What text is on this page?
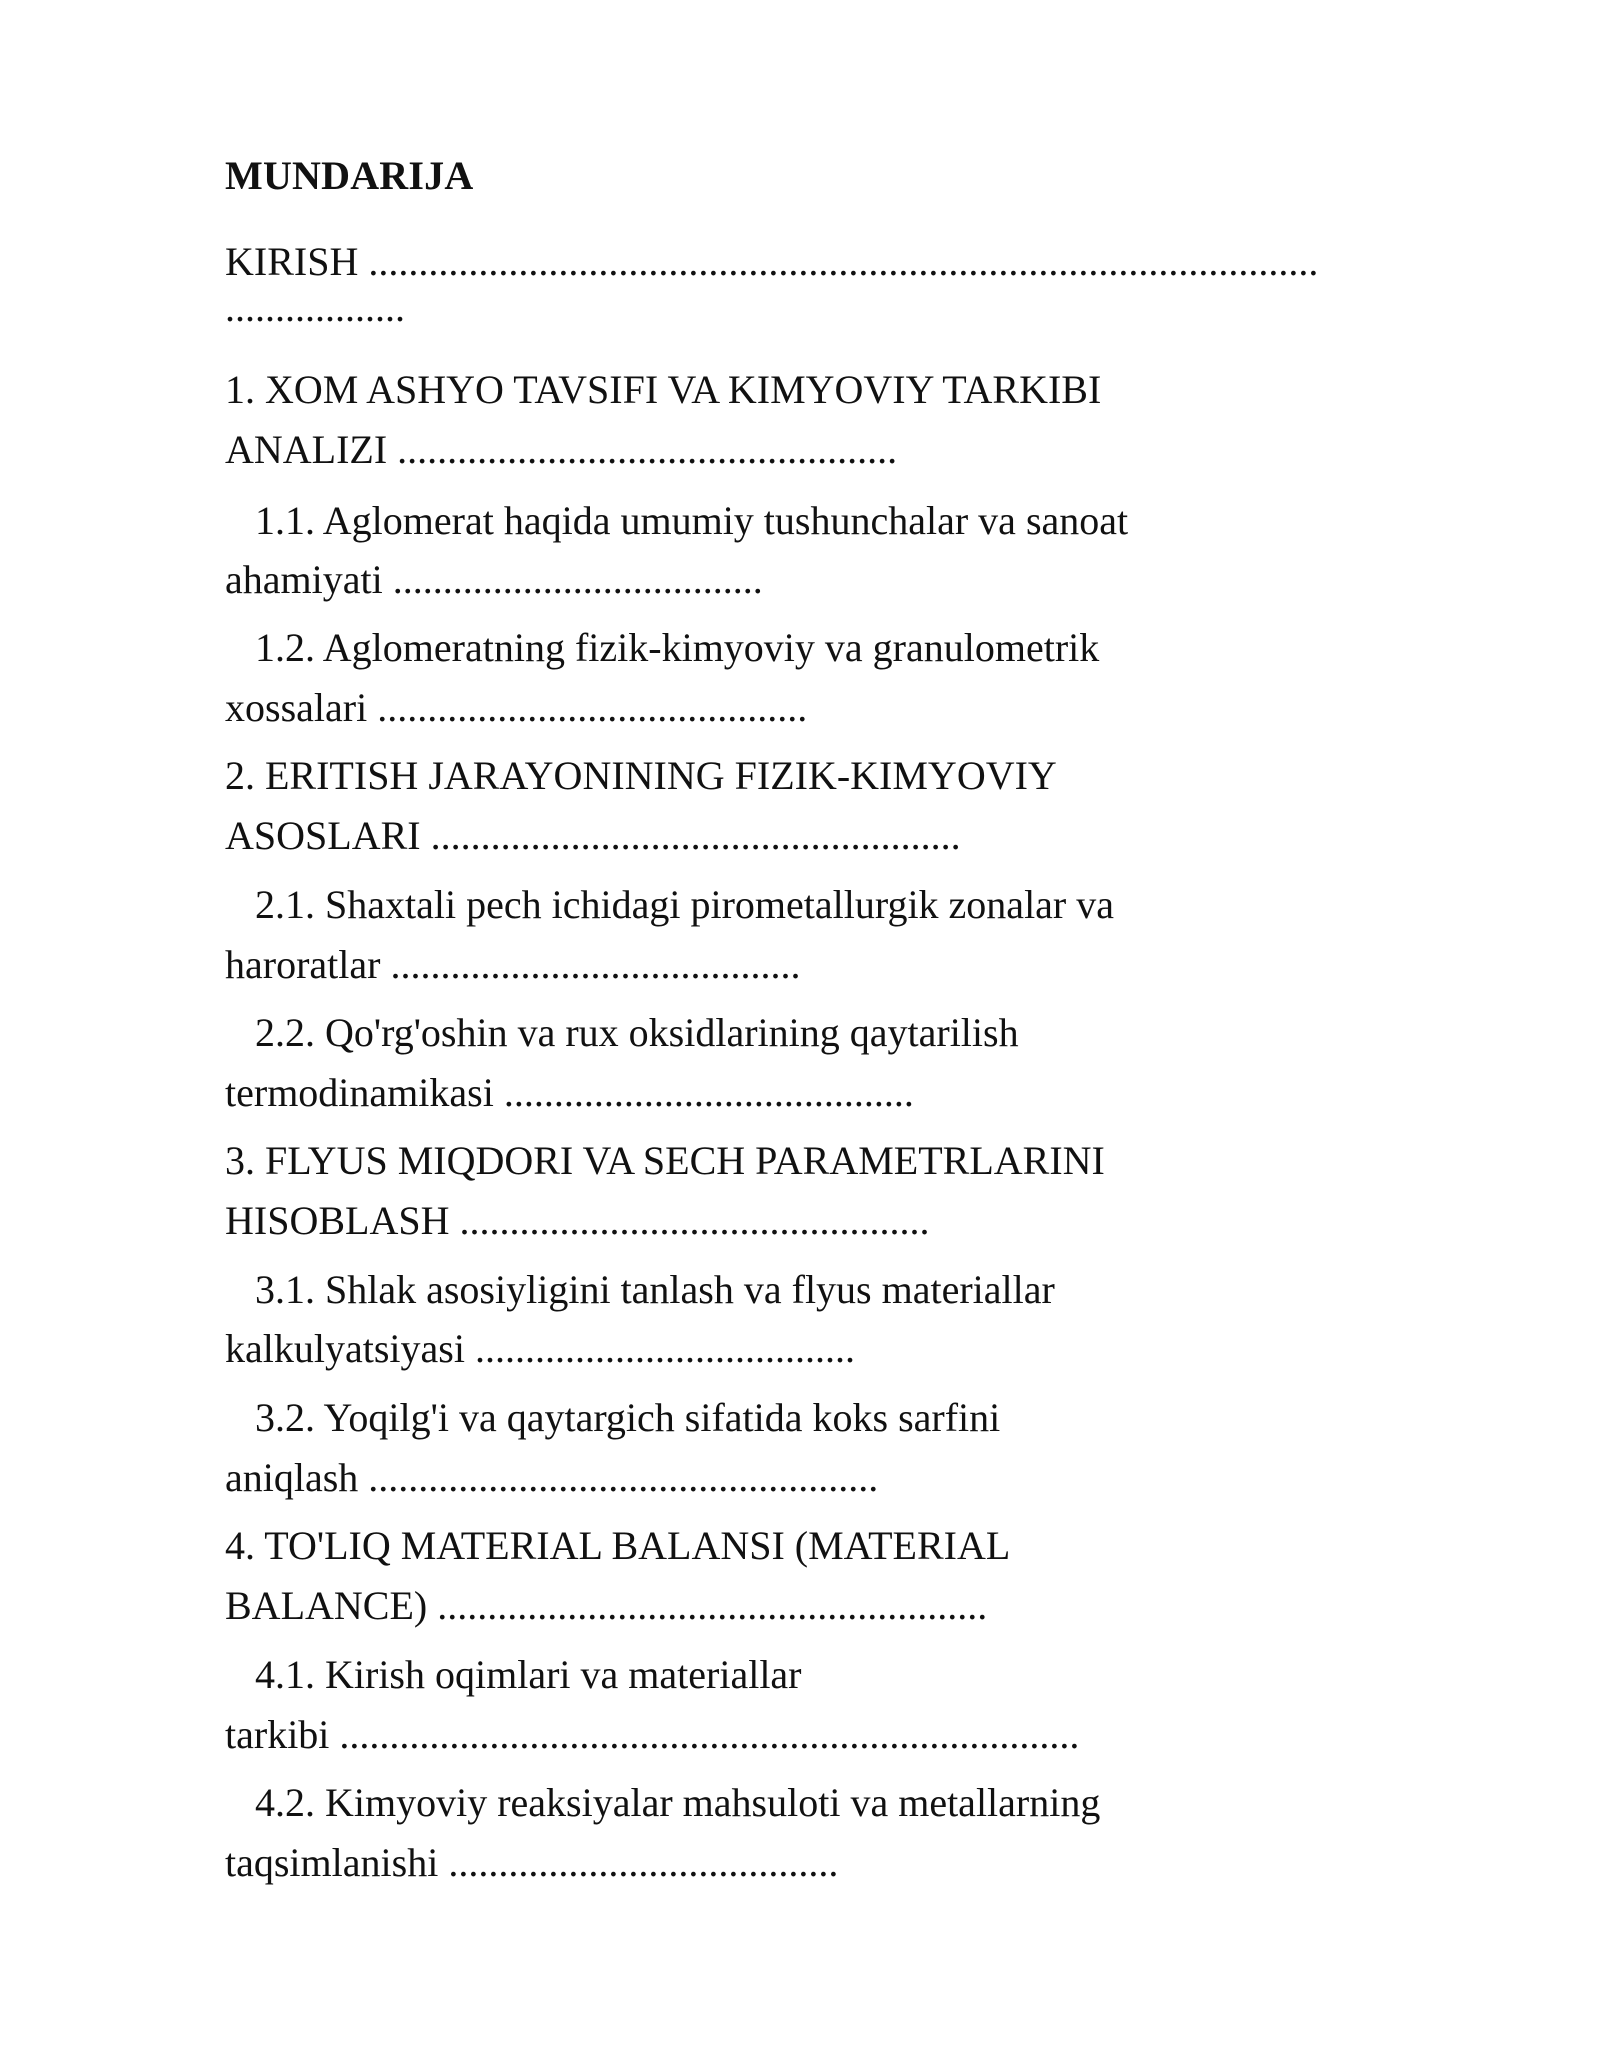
MUNDARIJA
KIRISH ...............................................................................................
..................
1. XOM ASHYO TAVSIFI VA KIMYOVIY TARKIBI
ANALIZI ..................................................
1.1. Aglomerat haqida umumiy tushunchalar va sanoat
ahamiyati .....................................
1.2. Aglomeratning fizik-kimyoviy va granulometrik
xossalari ...........................................
2. ERITISH JARAYONINING FIZIK-KIMYOVIY
ASOSLARI .....................................................
2.1. Shaxtali pech ichidagi pirometallurgik zonalar va
haroratlar .........................................
2.2. Qo'rg'oshin va rux oksidlarining qaytarilish
termodinamikasi .........................................
3. FLYUS MIQDORI VA SECH PARAMETRLARINI
HISOBLASH ...............................................
3.1. Shlak asosiyligini tanlash va flyus materiallar
kalkulyatsiyasi ......................................
3.2. Yoqilg'i va qaytargich sifatida koks sarfini
aniqlash ...................................................
4. TO'LIQ MATERIAL BALANSI (MATERIAL
BALANCE) .......................................................
4.1. Kirish oqimlari va materiallar
tarkibi ..........................................................................
4.2. Kimyoviy reaksiyalar mahsuloti va metallarning
taqsimlanishi .......................................
